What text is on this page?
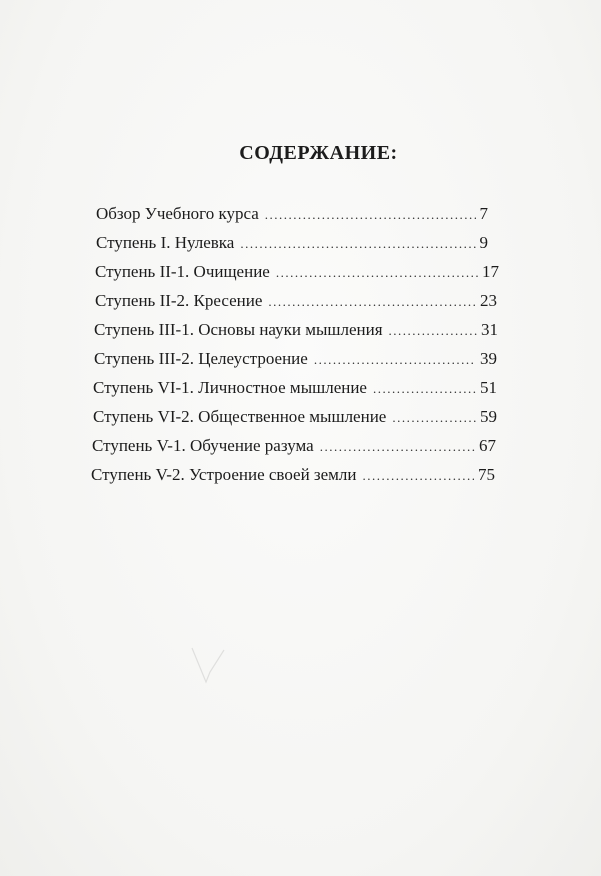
СОДЕРЖАНИЕ:
Обзор Учебного курса .....	7
Ступень I. Нулевка .....	9
Ступень II-1. Очищение .....	17
Ступень II-2. Кресение .....	23
Ступень III-1. Основы науки мышления .....	31
Ступень III-2. Целеустроение .....	39
Ступень VI-1. Личностное мышление .....	51
Ступень VI-2. Общественное мышление .....	59
Ступень V-1. Обучение разума .....	67
Ступень V-2. Устроение своей земли .....	75
